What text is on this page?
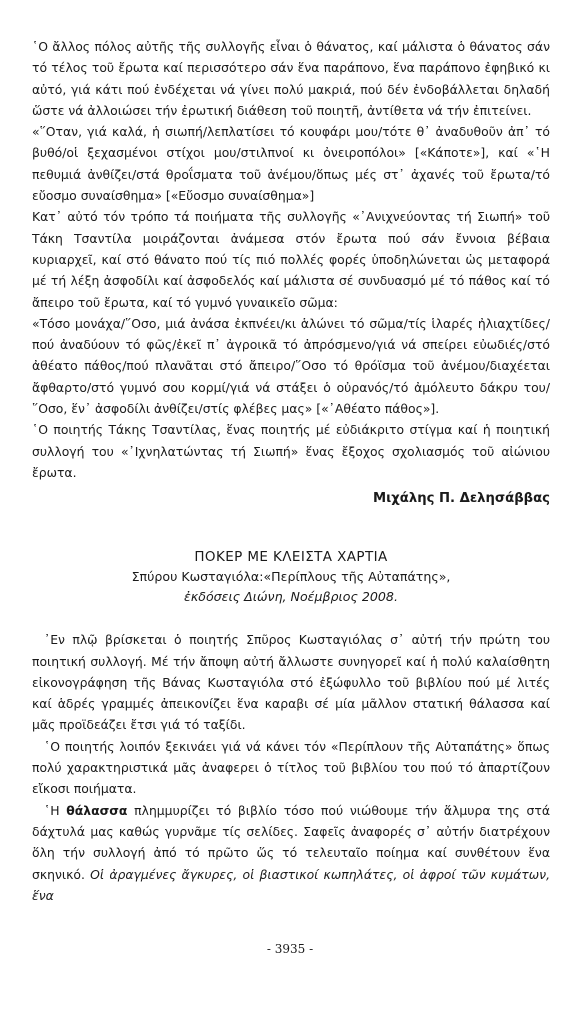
῾Ο ἄλλος πόλος αὐτῆς τῆς συλλογῆς εἶναι ὁ θάνατος, καί μάλιστα ὁ θάνατος σάν τό τέλος τοῦ ἔρωτα καί περισσότερο σάν ἕνα παράπονο, ἕνα παράπονο ἐφηβικό κι αὐτό, γιά κάτι πού ἐνδέχεται νά γίνει πολύ μακριά, πού δέν ἐνδοβάλλεται δηλαδή ὥστε νά ἀλλοιώσει τήν ἐρωτική διάθεση τοῦ ποιητῆ, ἀντίθετα νά τήν ἐπιτείνει.

«῞Οταν, γιά καλά, ἡ σιωπή/λεπλατίσει τό κουφάρι μου/τότε θ᾿ ἀναδυθοῦν ἀπ᾿ τό βυθό/οἱ ξεχασμένοι στίχοι μου/στιλπνοί κι ὀνειροπόλοι» [«Κάποτε»], καί «῾Η πεθυμιά ἀνθίζει/στά θροΐσματα τοῦ ἀνέμου/ὅπως μές στ᾿ ἀχανές τοῦ ἔρωτα/τό εὔοσμο συναίσθημα» [«Εὔοσμο συναίσθημα»]

Κατ᾿ αὐτό τόν τρόπο τά ποιήματα τῆς συλλογῆς «᾿Ανιχνεύοντας τή Σιωπή» τοῦ Τάκη Τσαντίλα μοιράζονται ἀνάμεσα στόν ἔρωτα πού σάν ἔννοια βέβαια κυριαρχεῖ, καί στό θάνατο πού τίς πιό πολλές φορές ὑποδηλώνεται ὡς μεταφορά μέ τή λέξη ἀσφοδίλι καί ἀσφοδελός καί μάλιστα σέ συνδυασμό μέ τό πάθος καί τό ἄπειρο τοῦ ἔρωτα, καί τό γυμνό γυναικεῖο σῶμα:

«Τόσο μονάχα/῞Οσο, μιά ἀνάσα ἐκπνέει/κι ἁλώνει τό σῶμα/τίς ἱλαρές ἠλιαχτίδες/πού ἀναδύουν τό φῶς/ἐκεῖ π᾿ ἀγροικᾶ τό ἀπρόσμενο/γιά νά σπείρει εὐωδιές/στό ἀθέατο πάθος/πού πλανᾶται στό ἄπειρο/῞Οσο τό θρόϊσμα τοῦ ἀνέμου/διαχέεται ἄφθαρτο/στό γυμνό σου κορμί/γιά νά στάξει ὁ οὐρανός/τό ἀμόλευτο δάκρυ του/῞Οσο, ἕν᾿ ἀσφοδίλι ἀνθίζει/στίς φλέβες μας» [«᾿Αθέατο πάθος»].

῾Ο ποιητής Τάκης Τσαντίλας, ἕνας ποιητής μέ εὐδιάκριτο στίγμα καί ἡ ποιητική συλλογή του «᾿Ιχνηλατώντας τή Σιωπή» ἕνας ἔξοχος σχολιασμός τοῦ αἰώνιου ἔρωτα.

Μιχάλης Π. Δελησάββας
ΠΟΚΕΡ ΜΕ ΚΛΕΙΣΤΑ ΧΑΡΤΙΑ
Σπύρου Κωσταγιόλα:«Περίπλους τῆς Αὐταπάτης»,
ἐκδόσεις Διώνη, Νοέμβριος 2008.

᾿Εν πλῷ βρίσκεται ὁ ποιητής Σπῦρος Κωσταγιόλας σ᾿ αὐτή τήν πρώτη του ποιητική συλλογή. Μέ τήν ἄποψη αὐτή ἄλλωστε συνηγορεῖ καί ἡ πολύ καλαίσθητη εἰκονογράφηση τῆς Βάνας Κωσταγιόλα στό ἐξώφυλλο τοῦ βιβλίου πού μέ λιτές καί ἁδρές γραμμές ἀπεικονίζει ἕνα καραβι σέ μία μᾶλλον στατική θάλασσα καί μᾶς προϊδεάζει ἔτσι γιά τό ταξίδι.

῾Ο ποιητής λοιπόν ξεκινάει γιά νά κάνει τόν «Περίπλουν τῆς Αὐταπάτης» ὅπως πολύ χαρακτηριστικά μᾶς ἀναφερει ὁ τίτλος τοῦ βιβλίου του πού τό ἀπαρτίζουν εἴκοσι ποιήματα.

῾Η θάλασσα πλημμυρίζει τό βιβλίο τόσο πού νιώθουμε τήν ἅλμυρα της στά δάχτυλά μας καθώς γυρνᾶμε τίς σελίδες. Σαφεῖς ἀναφορές σ᾿ αὐτήν διατρέχουν ὅλη τήν συλλογή ἀπό τό πρῶτο ὥς τό τελευταῖο ποίημα καί συνθέτουν ἕνα σκηνικό. Οἱ ἀραγμένες ἄγκυρες, οἱ βιαστικοί κωπηλάτες, οἱ ἀφροί τῶν κυμάτων, ἕνα

- 3935 -
